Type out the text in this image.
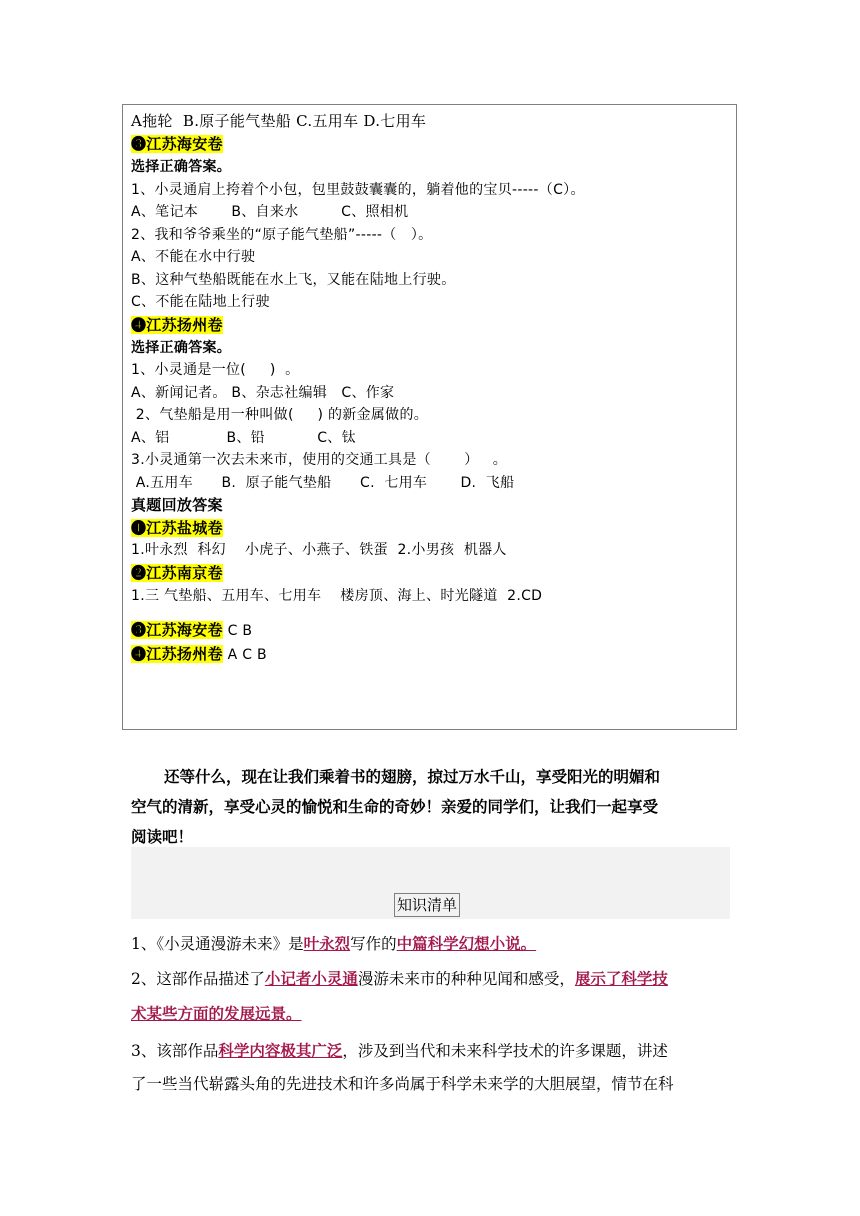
A拖轮  B.原子能气垫船 C.五用车 D.七用车
❸江苏海安卷
选择正确答案。
1、小灵通肩上挎着个小包，包里鼓鼓囊囊的，躺着他的宝贝-----（C）。
A、笔记本       B、自来水         C、照相机
2、我和爷爷乘坐的“原子能气垫船”-----（   ）。
A、不能在水中行驶
B、这种气垫船既能在水上飞，又能在陆地上行驶。
C、不能在陆地上行驶
❹江苏扬州卷
选择正确答案。
1、小灵通是一位(     )  。
A、新闻记者。 B、杂志社编辑   C、作家
2、气垫船是用一种叫做(     ) 的新金属做的。
A、铝            B、铅           C、钛
3.小灵通第一次去未来市，使用的交通工具是（       ）   。
A.五用车      B.  原子能气垫船      C.  七用车       D.  飞船
真题回放答案
❶江苏盐城卷
1.叶永烈  科幻    小虎子、小燕子、铁蛋  2.小男孩  机器人
❷江苏南京卷
1.三 气垫船、五用车、七用车    楼房顶、海上、时光隧道  2.CD
❸江苏海安卷 C B
❹江苏扬州卷 A C B
还等什么，现在让我们乘着书的翅膀，掠过万水千山，享受阳光的明媚和
空气的清新，享受心灵的愉悦和生命的奇妙！亲爱的同学们，让我们一起享受
阅读吧！
知识清单
1、《小灵通漫游未来》是叶永烈写作的中篇科学幻想小说。
2、这部作品描述了小记者小灵通漫游未来市的种种见闻和感受，展示了科学技
术某些方面的发展远景。
3、该部作品科学内容极其广泛，涉及到当代和未来科学技术的许多课题，讲述
了一些当代崭露头角的先进技术和许多尚属于科学未来学的大胆展望，情节在科
